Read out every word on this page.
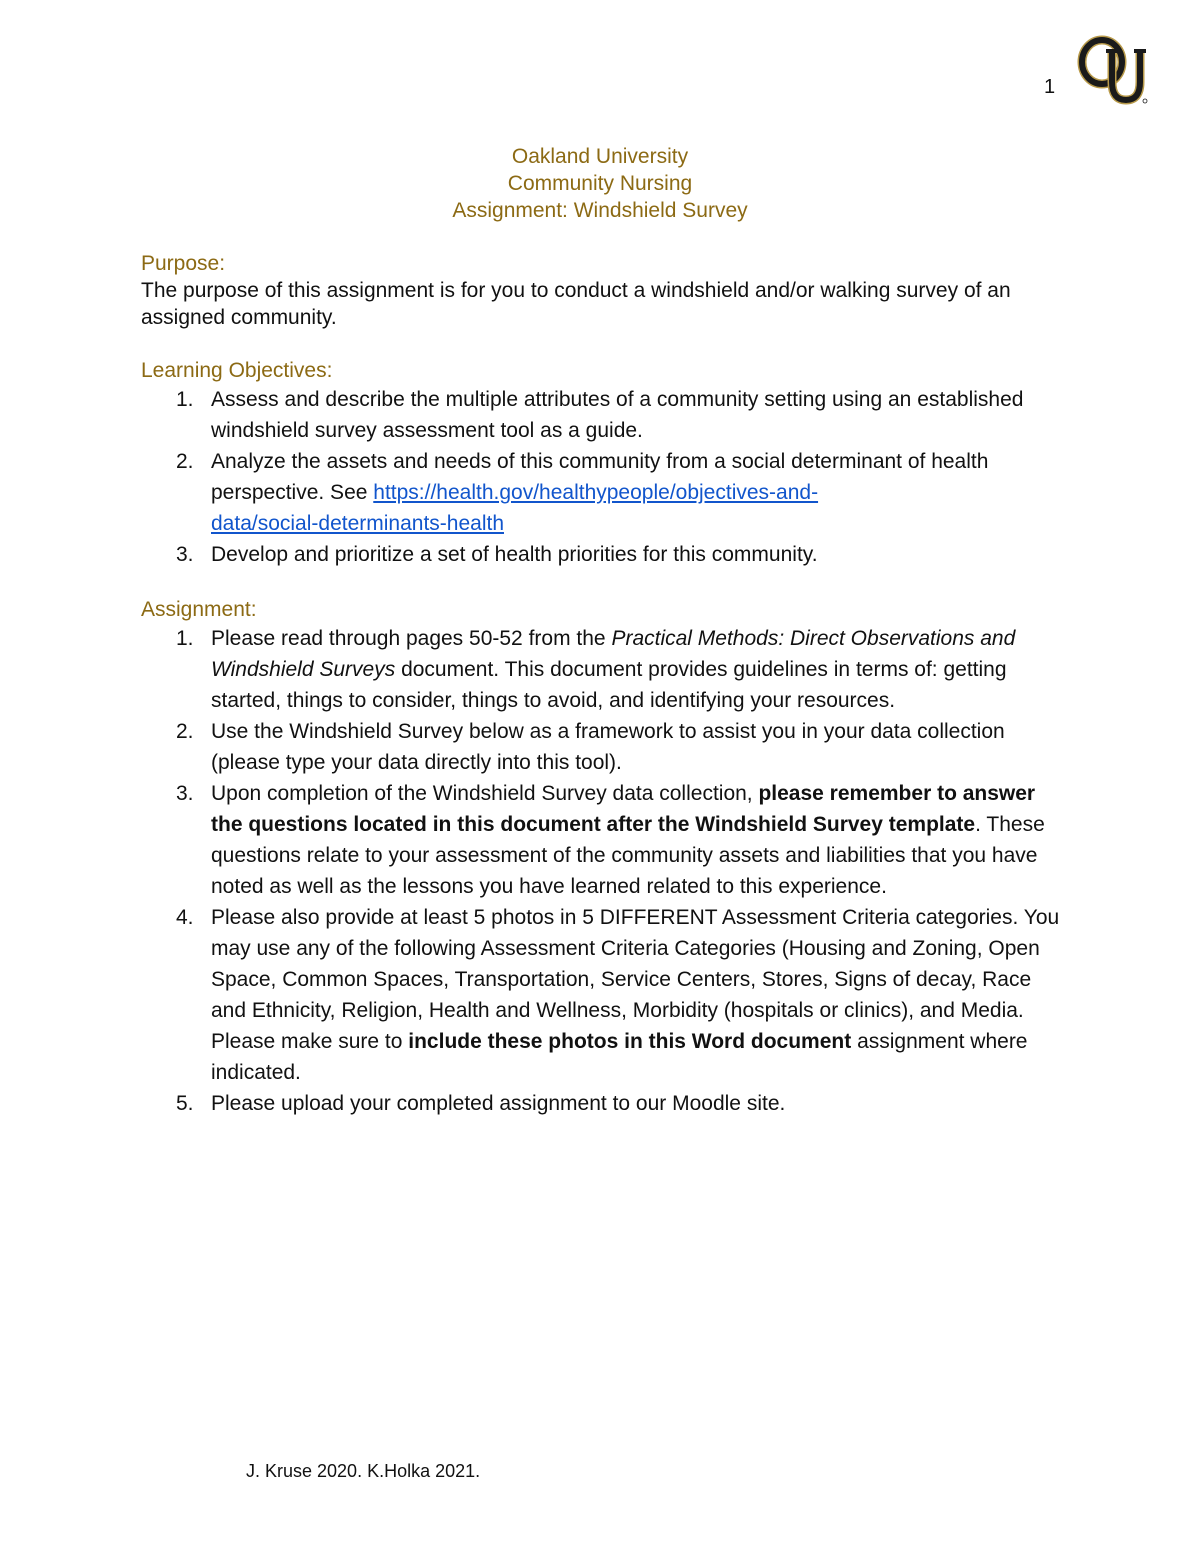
1
Oakland University
Community Nursing
Assignment: Windshield Survey
Purpose:

The purpose of this assignment is for you to conduct a windshield and/or walking survey of an assigned community.

Learning Objectives:
1. Assess and describe the multiple attributes of a community setting using an established windshield survey assessment tool as a guide.
2. Analyze the assets and needs of this community from a social determinant of health perspective. See https://health.gov/healthypeople/objectives-and-
data/social-determinants-health
3. Develop and prioritize a set of health priorities for this community.
Assignment:
1. Please read through pages 50-52 from the Practical Methods: Direct Observations and Windshield Surveys document. This document provides guidelines in terms of: getting started, things to consider, things to avoid, and identifying your resources.
2. Use the Windshield Survey below as a framework to assist you in your data collection (please type your data directly into this tool).
3. Upon completion of the Windshield Survey data collection, please remember to answer the questions located in this document after the Windshield Survey template. These questions relate to your assessment of the community assets and liabilities that you have noted as well as the lessons you have learned related to this experience.
4. Please also provide at least 5 photos in 5 DIFFERENT Assessment Criteria categories. You may use any of the following Assessment Criteria Categories (Housing and Zoning, Open Space, Common Spaces, Transportation, Service Centers, Stores, Signs of decay, Race and Ethnicity, Religion, Health and Wellness, Morbidity (hospitals or clinics), and Media. Please make sure to include these photos in this Word document assignment where indicated.
5. Please upload your completed assignment to our Moodle site.
J. Kruse 2020. K.Holka 2021.
